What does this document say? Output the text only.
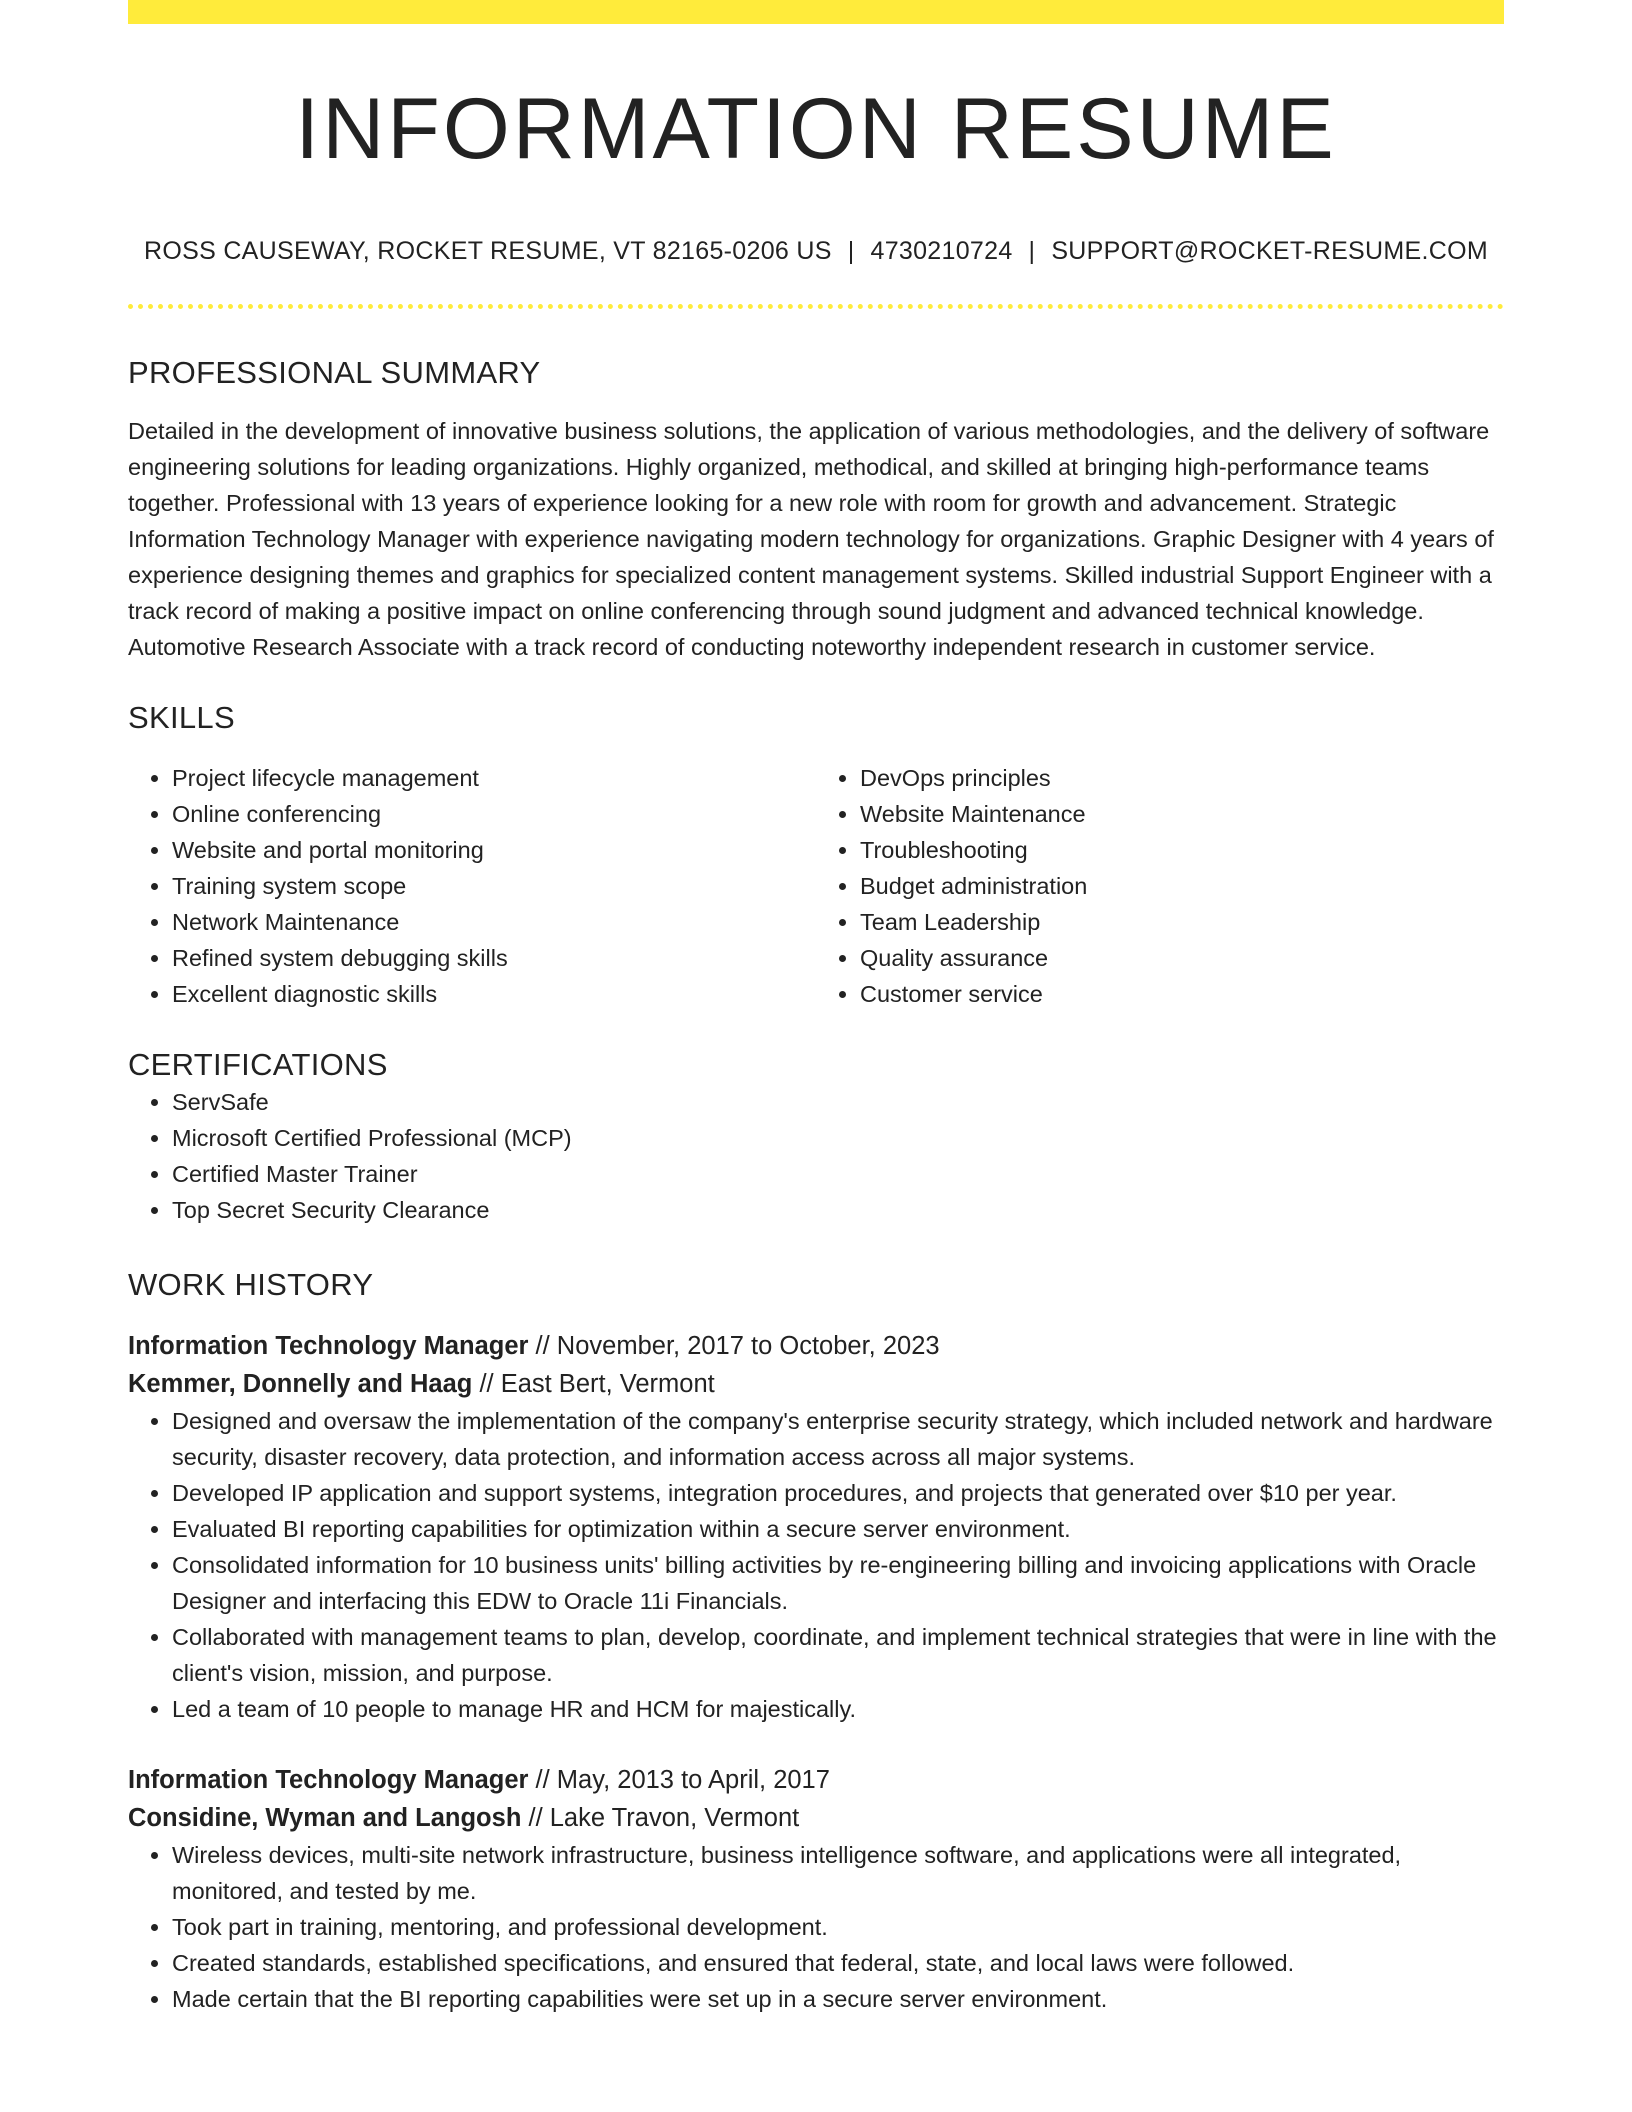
INFORMATION RESUME
ROSS CAUSEWAY, ROCKET RESUME, VT 82165-0206 US | 4730210724 | SUPPORT@ROCKET-RESUME.COM
PROFESSIONAL SUMMARY

Detailed in the development of innovative business solutions, the application of various methodologies, and the delivery of software engineering solutions for leading organizations. Highly organized, methodical, and skilled at bringing high-performance teams together. Professional with 13 years of experience looking for a new role with room for growth and advancement. Strategic Information Technology Manager with experience navigating modern technology for organizations. Graphic Designer with 4 years of experience designing themes and graphics for specialized content management systems. Skilled industrial Support Engineer with a track record of making a positive impact on online conferencing through sound judgment and advanced technical knowledge. Automotive Research Associate with a track record of conducting noteworthy independent research in customer service.

SKILLS
• Project lifecycle management
• Online conferencing
• Website and portal monitoring
• Training system scope
• Network Maintenance
• Refined system debugging skills
• Excellent diagnostic skills
• DevOps principles
• Website Maintenance
• Troubleshooting
• Budget administration
• Team Leadership
• Quality assurance
• Customer service
CERTIFICATIONS
• ServSafe
• Microsoft Certified Professional (MCP)
• Certified Master Trainer
• Top Secret Security Clearance
WORK HISTORY
Information Technology Manager // November, 2017 to October, 2023
Kemmer, Donnelly and Haag // East Bert, Vermont
• Designed and oversaw the implementation of the company's enterprise security strategy, which included network and hardware security, disaster recovery, data protection, and information access across all major systems.
• Developed IP application and support systems, integration procedures, and projects that generated over $10 per year.
• Evaluated BI reporting capabilities for optimization within a secure server environment.
• Consolidated information for 10 business units' billing activities by re-engineering billing and invoicing applications with Oracle Designer and interfacing this EDW to Oracle 11i Financials.
• Collaborated with management teams to plan, develop, coordinate, and implement technical strategies that were in line with the client's vision, mission, and purpose.
• Led a team of 10 people to manage HR and HCM for majestically.
Information Technology Manager // May, 2013 to April, 2017
Considine, Wyman and Langosh // Lake Travon, Vermont
• Wireless devices, multi-site network infrastructure, business intelligence software, and applications were all integrated, monitored, and tested by me.
• Took part in training, mentoring, and professional development.
• Created standards, established specifications, and ensured that federal, state, and local laws were followed.
• Made certain that the BI reporting capabilities were set up in a secure server environment.
